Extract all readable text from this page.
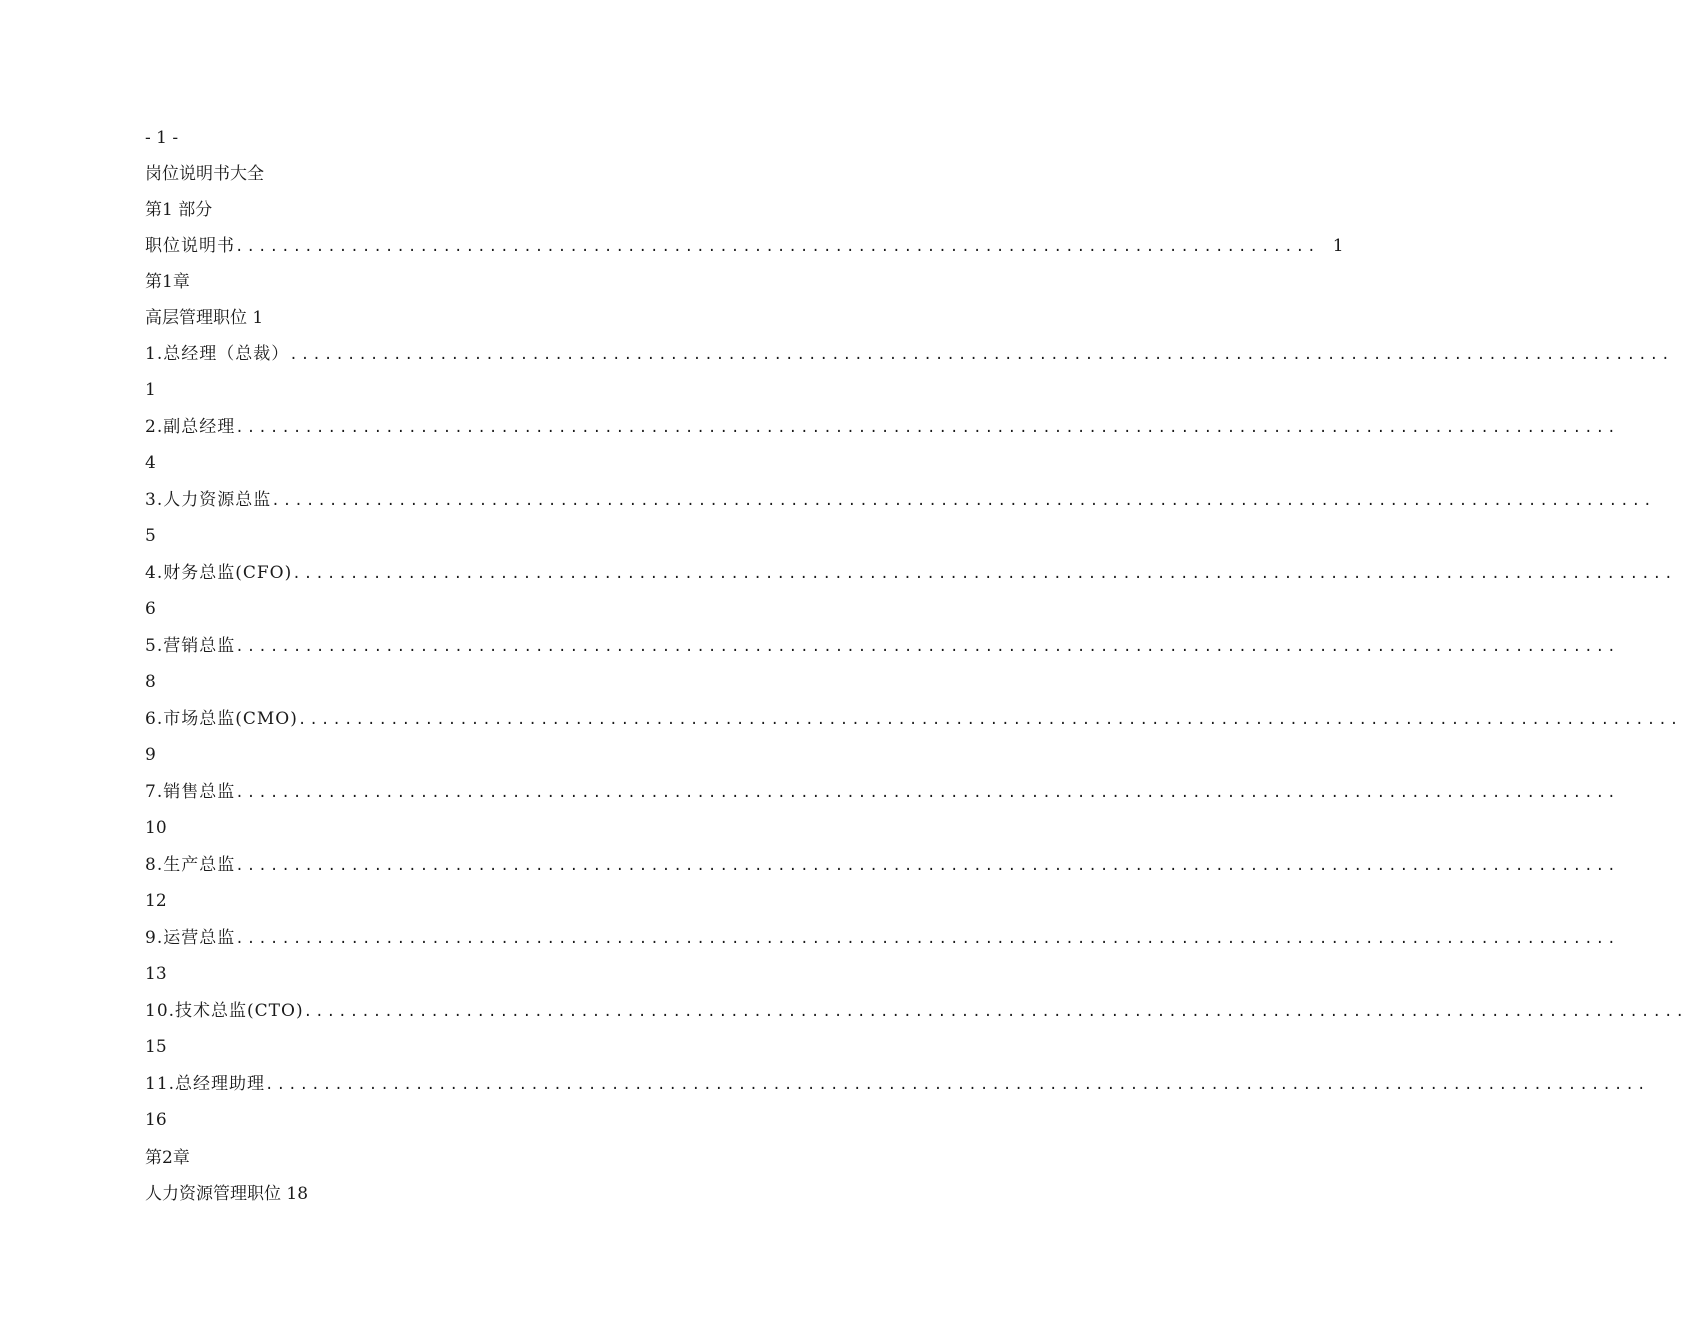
- 1 -
岗位说明书大全
第1 部分
职位说明书 .............................................................................................. 1
第1章
高层管理职位 1
1.总经理（总裁） ........................................................................................................................
1
2.副总经理 ........................................................................................................................
4
3.人力资源总监 ........................................................................................................................
5
4.财务总监(CFO) ........................................................................................................................
6
5.营销总监 ........................................................................................................................
8
6.市场总监(CMO) ........................................................................................................................
9
7.销售总监 ........................................................................................................................
10
8.生产总监 ........................................................................................................................
12
9.运营总监 ........................................................................................................................
13
10.技术总监(CTO) ........................................................................................................................
15
11.总经理助理 ........................................................................................................................
16
第2章
人力资源管理职位 18
